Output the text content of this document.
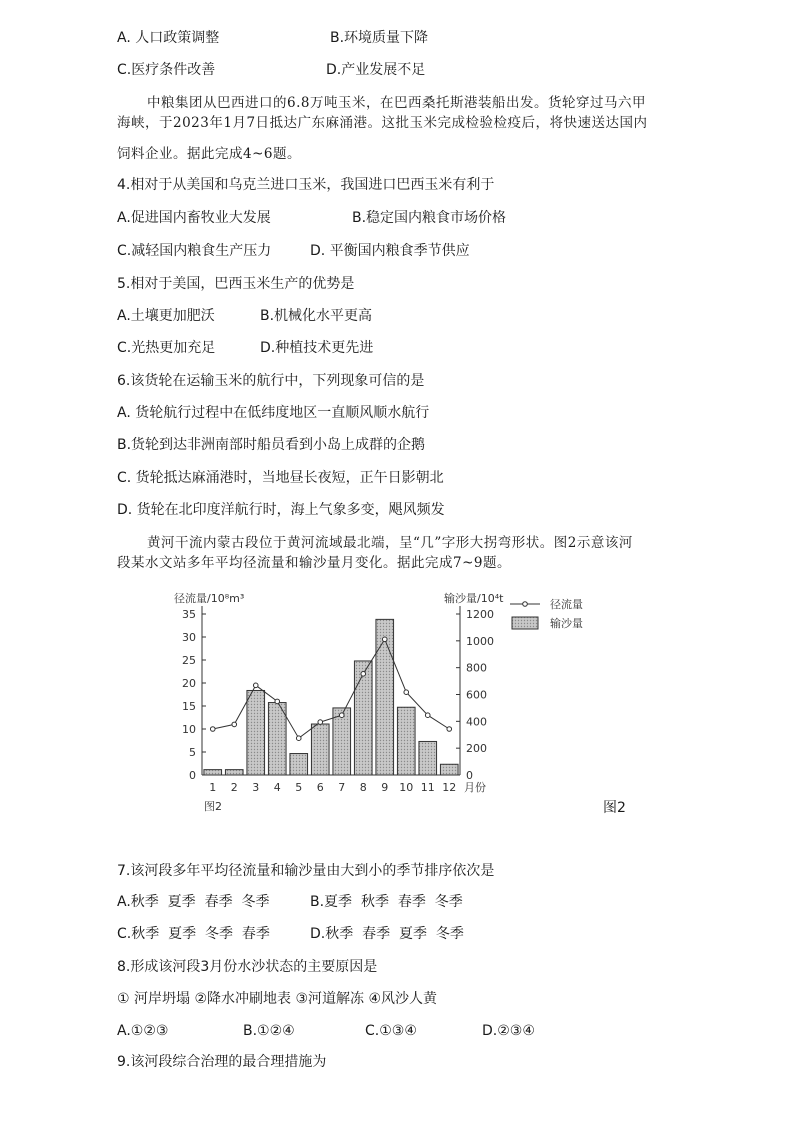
A. 人口政策调整	B.环境质量下降
C.医疗条件改善	D.产业发展不足
中粮集团从巴西进口的6.8万吨玉米，在巴西桑托斯港装船出发。货轮穿过马六甲
海峡，于2023年1月7日抵达广东麻涌港。这批玉米完成检验检疫后，将快速送达国内
饲料企业。据此完成4~6题。
4.相对于从美国和乌克兰进口玉米，我国进口巴西玉米有利于
A.促进国内畜牧业大发展	B.稳定国内粮食市场价格
C.减轻国内粮食生产压力	D. 平衡国内粮食季节供应
5.相对于美国，巴西玉米生产的优势是
A.土壤更加肥沃	B.机械化水平更高
C.光热更加充足	D.种植技术更先进
6.该货轮在运输玉米的航行中，下列现象可信的是
A. 货轮航行过程中在低纬度地区一直顺风顺水航行
B.货轮到达非洲南部时船员看到小岛上成群的企鹅
C. 货轮抵达麻涌港时，当地昼长夜短，正午日影朝北
D. 货轮在北印度洋航行时，海上气象多变，飓风频发
黄河干流内蒙古段位于黄河流域最北端，呈“几”字形大拐弯形状。图2示意该河
段某水文站多年平均径流量和输沙量月变化。据此完成7~9题。
0
5
10
15
20
25
30
35
0
200
400
600
800
1000
1200
径流量/10⁸m³	输沙量/10⁴t
1 2 3 4 5 6 7 8 9 10 11 12 月份
图2
径流量
输沙量
图2
7.该河段多年平均径流量和输沙量由大到小的季节排序依次是
A.秋季  夏季  春季  冬季	B.夏季  秋季  春季  冬季
C.秋季  夏季  冬季  春季	D.秋季  春季  夏季  冬季
8.形成该河段3月份水沙状态的主要原因是
① 河岸坍塌 ②降水冲刷地表 ③河道解冻 ④风沙人黄
A.①②③	B.①②④	C.①③④	D.②③④
9.该河段综合治理的最合理措施为
